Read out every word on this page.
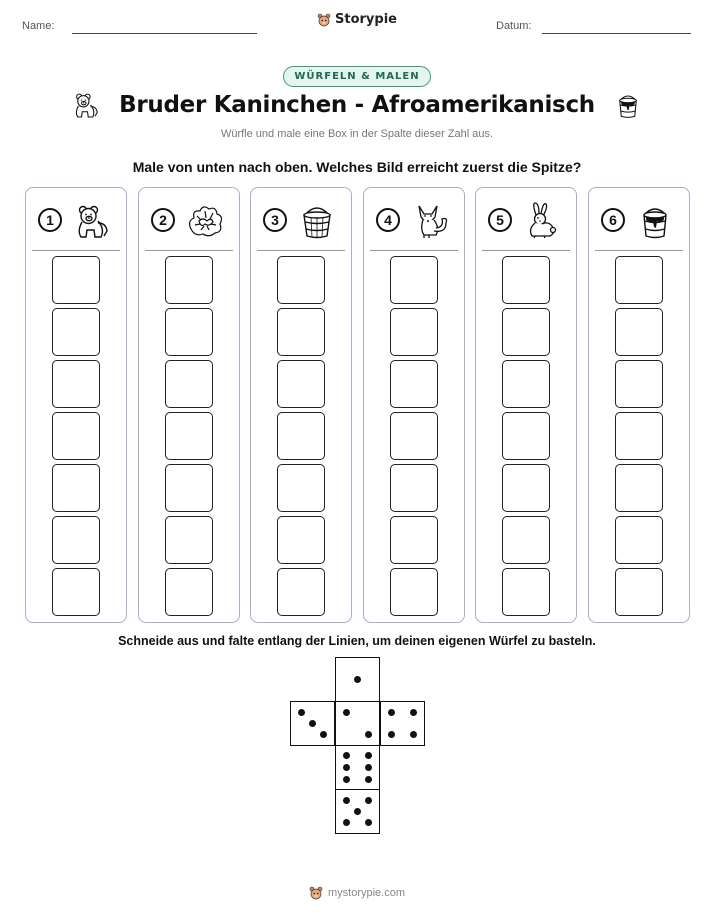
Name:	Storypie	Datum:
WÜRFELN & MALEN
Bruder Kaninchen - Afroamerikanisch
Würfle und male eine Box in der Spalte dieser Zahl aus.
Male von unten nach oben. Welches Bild erreicht zuerst die Spitze?
1	2	3	4	5	6
Schneide aus und falte entlang der Linien, um deinen eigenen Würfel zu basteln.
mystorypie.com
